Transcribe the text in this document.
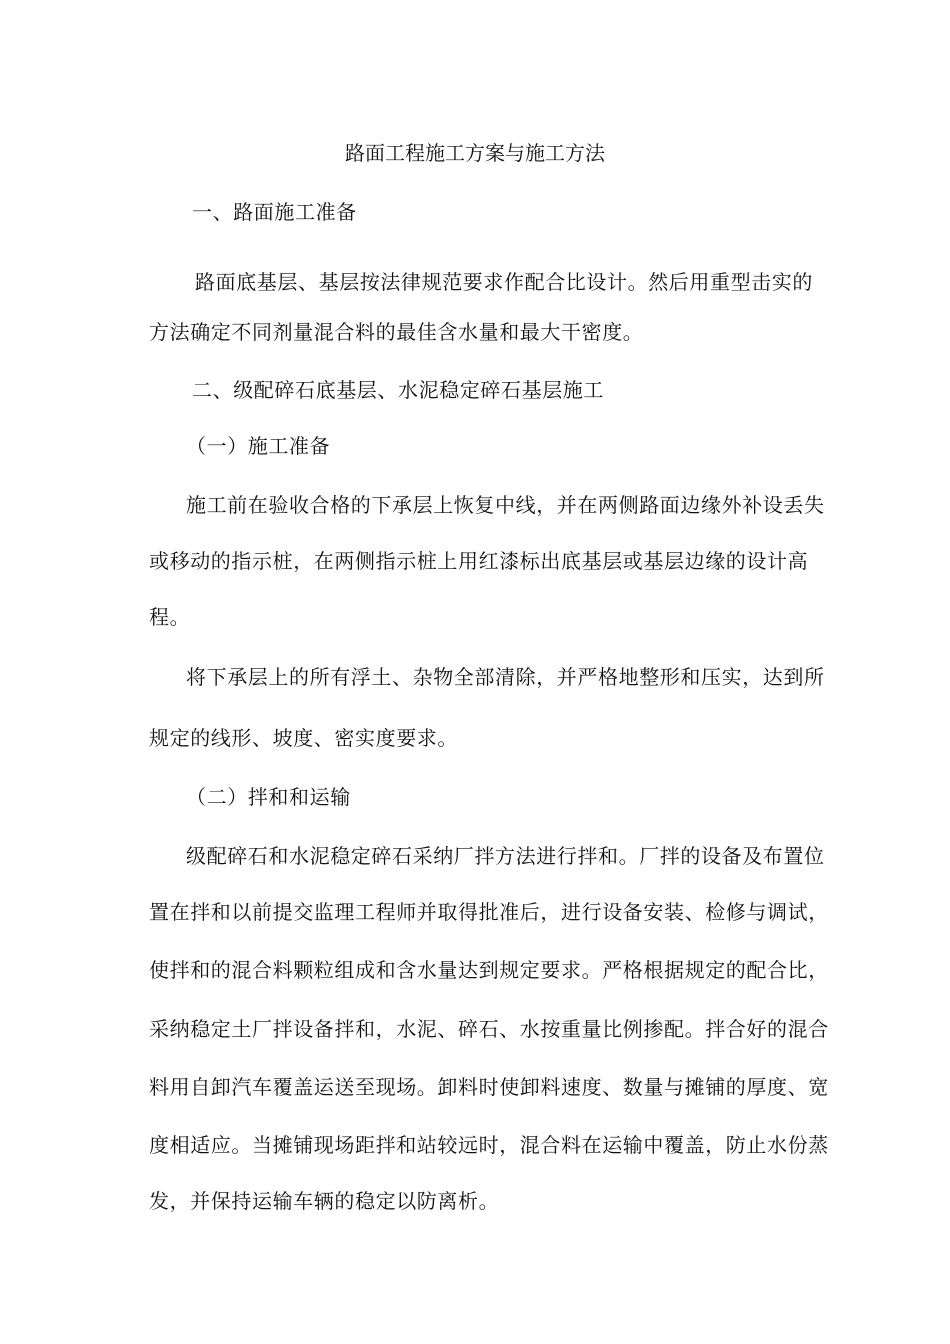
路面工程施工方案与施工方法
一、路面施工准备
路面底基层、基层按法律规范要求作配合比设计。然后用重型击实的
方法确定不同剂量混合料的最佳含水量和最大干密度。
二、级配碎石底基层、水泥稳定碎石基层施工
（一）施工准备
施工前在验收合格的下承层上恢复中线，并在两侧路面边缘外补设丢失
或移动的指示桩，在两侧指示桩上用红漆标出底基层或基层边缘的设计高
程。
将下承层上的所有浮土、杂物全部清除，并严格地整形和压实，达到所
规定的线形、坡度、密实度要求。
（二）拌和和运输
级配碎石和水泥稳定碎石采纳厂拌方法进行拌和。厂拌的设备及布置位
置在拌和以前提交监理工程师并取得批准后，进行设备安装、检修与调试，
使拌和的混合料颗粒组成和含水量达到规定要求。严格根据规定的配合比，
采纳稳定土厂拌设备拌和，水泥、碎石、水按重量比例掺配。拌合好的混合
料用自卸汽车覆盖运送至现场。卸料时使卸料速度、数量与摊铺的厚度、宽
度相适应。当摊铺现场距拌和站较远时，混合料在运输中覆盖，防止水份蒸
发，并保持运输车辆的稳定以防离析。
